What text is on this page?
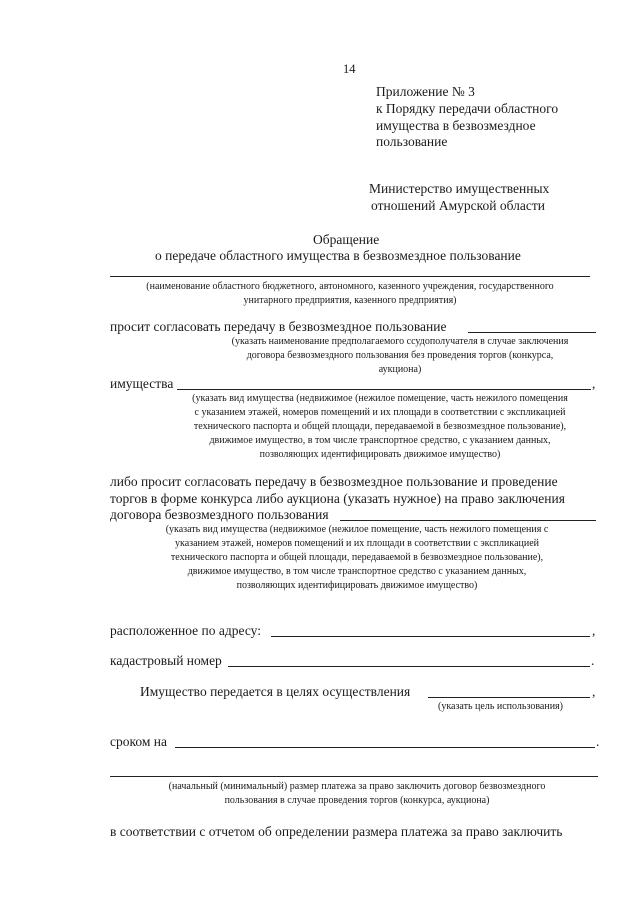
14
Приложение № 3
к Порядку передачи областного
имущества в безвозмездное
пользование
Министерство имущественных
отношений Амурской области
Обращение
о передаче областного имущества в безвозмездное пользование
(наименование областного бюджетного, автономного, казенного учреждения, государственного
унитарного предприятия, казенного предприятия)
просит согласовать передачу в безвозмездное пользование
(указать наименование предполагаемого ссудополучателя в случае заключения
договора безвозмездного пользования без проведения торгов (конкурса,
аукциона)
имущества	,
(указать вид имущества (недвижимое (нежилое помещение, часть нежилого помещения
с указанием этажей, номеров помещений и их площади в соответствии с экспликацией
технического паспорта и общей площади, передаваемой в безвозмездное пользование),
движимое имущество, в том числе транспортное средство, с указанием данных,
позволяющих идентифицировать движимое имущество)
либо просит согласовать передачу в безвозмездное пользование и проведение
торгов в форме конкурса либо аукциона (указать нужное) на право заключения
договора безвозмездного пользования
(указать вид имущества (недвижимое (нежилое помещение, часть нежилого помещения с
указанием этажей, номеров помещений и их площади в соответствии с экспликацией
технического паспорта и общей площади, передаваемой в безвозмездное пользование),
движимое имущество, в том числе транспортное средство с указанием данных,
позволяющих идентифицировать движимое имущество)
расположенное по адресу:	,
кадастровый номер	.
Имущество передается в целях осуществления	,
(указать цель использования)
сроком на	.
(начальный (минимальный) размер платежа за право заключить договор безвозмездного
пользования в случае проведения торгов (конкурса, аукциона)
в соответствии с отчетом об определении размера платежа за право заключить
